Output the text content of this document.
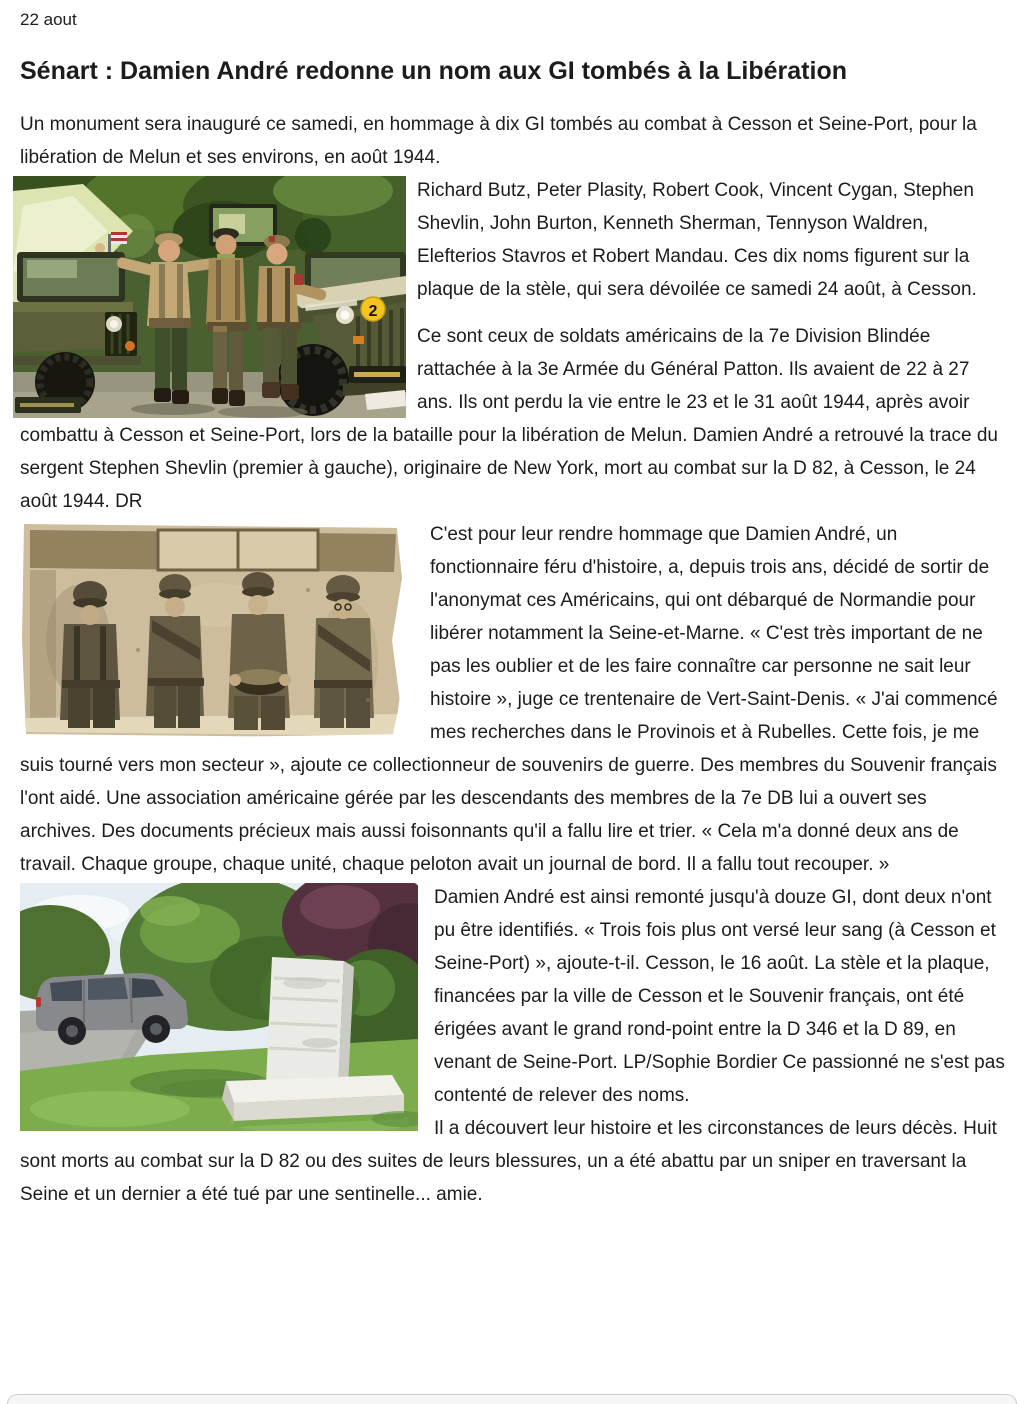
22 aout
Sénart : Damien André redonne un nom aux GI tombés à la Libération

Un monument sera inauguré ce samedi, en hommage à dix GI tombés au combat à Cesson et Seine-Port, pour la libération de Melun et ses environs, en août 1944.

2

Richard Butz, Peter Plasity, Robert Cook, Vincent Cygan, Stephen Shevlin, John Burton, Kenneth Sherman, Tennyson Waldren, Elefterios Stavros et Robert Mandau. Ces dix noms figurent sur la plaque de la stèle, qui sera dévoilée ce samedi 24 août, à Cesson.

Ce sont ceux de soldats américains de la 7e Division Blindée rattachée à la 3e Armée du Général Patton. Ils avaient de 22 à 27 ans. Ils ont perdu la vie entre le 23 et le 31 août 1944, après avoir combattu à Cesson et Seine-Port, lors de la bataille pour la libération de Melun. Damien André a retrouvé la trace du sergent Stephen Shevlin (premier à gauche), originaire de New York, mort au combat sur la D 82, à Cesson, le 24 août 1944. DR

C'est pour leur rendre hommage que Damien André, un fonctionnaire féru d'histoire, a, depuis trois ans, décidé de sortir de l'anonymat ces Américains, qui ont débarqué de Normandie pour libérer notamment la Seine-et-Marne. « C'est très important de ne pas les oublier et de les faire connaître car personne ne sait leur histoire », juge ce trentenaire de Vert-Saint-Denis. « J'ai commencé mes recherches dans le Provinois et à Rubelles. Cette fois, je me suis tourné vers mon secteur », ajoute ce collectionneur de souvenirs de guerre. Des membres du Souvenir français l'ont aidé. Une association américaine gérée par les descendants des membres de la 7e DB lui a ouvert ses archives. Des documents précieux mais aussi foisonnants qu'il a fallu lire et trier. « Cela m'a donné deux ans de travail. Chaque groupe, chaque unité, chaque peloton avait un journal de bord. Il a fallu tout recouper. »

Damien André est ainsi remonté jusqu'à douze GI, dont deux n'ont pu être identifiés. « Trois fois plus ont versé leur sang (à Cesson et Seine-Port) », ajoute-t-il. Cesson, le 16 août. La stèle et la plaque, financées par la ville de Cesson et le Souvenir français, ont été érigées avant le grand rond-point entre la D 346 et la D 89, en venant de Seine-Port. LP/Sophie Bordier Ce passionné ne s'est pas contenté de relever des noms.

Il a découvert leur histoire et les circonstances de leurs décès. Huit sont morts au combat sur la D 82 ou des suites de leurs blessures, un a été abattu par un sniper en traversant la Seine et un dernier a été tué par une sentinelle... amie.
